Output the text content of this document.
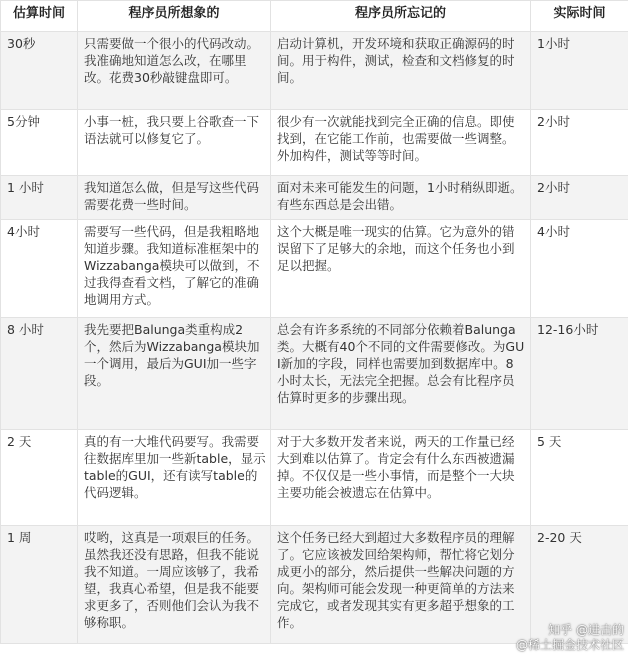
估算时间	程序员所想象的	程序员所忘记的	实际时间
30秒	只需要做一个很小的代码改动。我准确地知道怎么改，在哪里改。花费30秒敲键盘即可。	启动计算机，开发环境和获取正确源码的时间。用于构件，测试，检查和文档修复的时间。	1小时
5分钟	小事一桩，我只要上谷歌查一下语法就可以修复它了。	很少有一次就能找到完全正确的信息。即使找到，在它能工作前，也需要做一些调整。外加构件，测试等等时间。	2小时
1 小时	我知道怎么做，但是写这些代码需要花费一些时间。	面对未来可能发生的问题，1小时稍纵即逝。有些东西总是会出错。	2小时
4小时	需要写一些代码，但是我粗略地知道步骤。我知道标准框架中的Wizzabanga模块可以做到，不过我得查看文档，了解它的准确地调用方式。	这个大概是唯一现实的估算。它为意外的错误留下了足够大的余地，而这个任务也小到足以把握。	4小时
8 小时	我先要把Balunga类重构成2个，然后为Wizzabanga模块加一个调用，最后为GUI加一些字段。	总会有许多系统的不同部分依赖着Balunga类。大概有40个不同的文件需要修改。为GUI新加的字段，同样也需要加到数据库中。8小时太长，无法完全把握。总会有比程序员估算时更多的步骤出现。	12-16小时
2 天	真的有一大堆代码要写。我需要往数据库里加一些新table，显示table的GUI，还有读写table的代码逻辑。	对于大多数开发者来说，两天的工作量已经大到难以估算了。肯定会有什么东西被遗漏掉。不仅仅是一些小事情，而是整个一大块主要功能会被遗忘在估算中。	5 天
1 周	哎哟，这真是一项艰巨的任务。虽然我还没有思路，但我不能说我不知道。一周应该够了，我希望，我真心希望，但是我不能要求更多了，否则他们会认为我不够称职。	这个任务已经大到超过大多数程序员的理解了。它应该被发回给架构师，帮忙将它划分成更小的部分，然后提供一些解决问题的方向。架构师可能会发现一种更简单的方法来完成它，或者发现其实有更多超乎想象的工作。	2-20 天
知乎 @进击的
@稀土掘金技术社区
